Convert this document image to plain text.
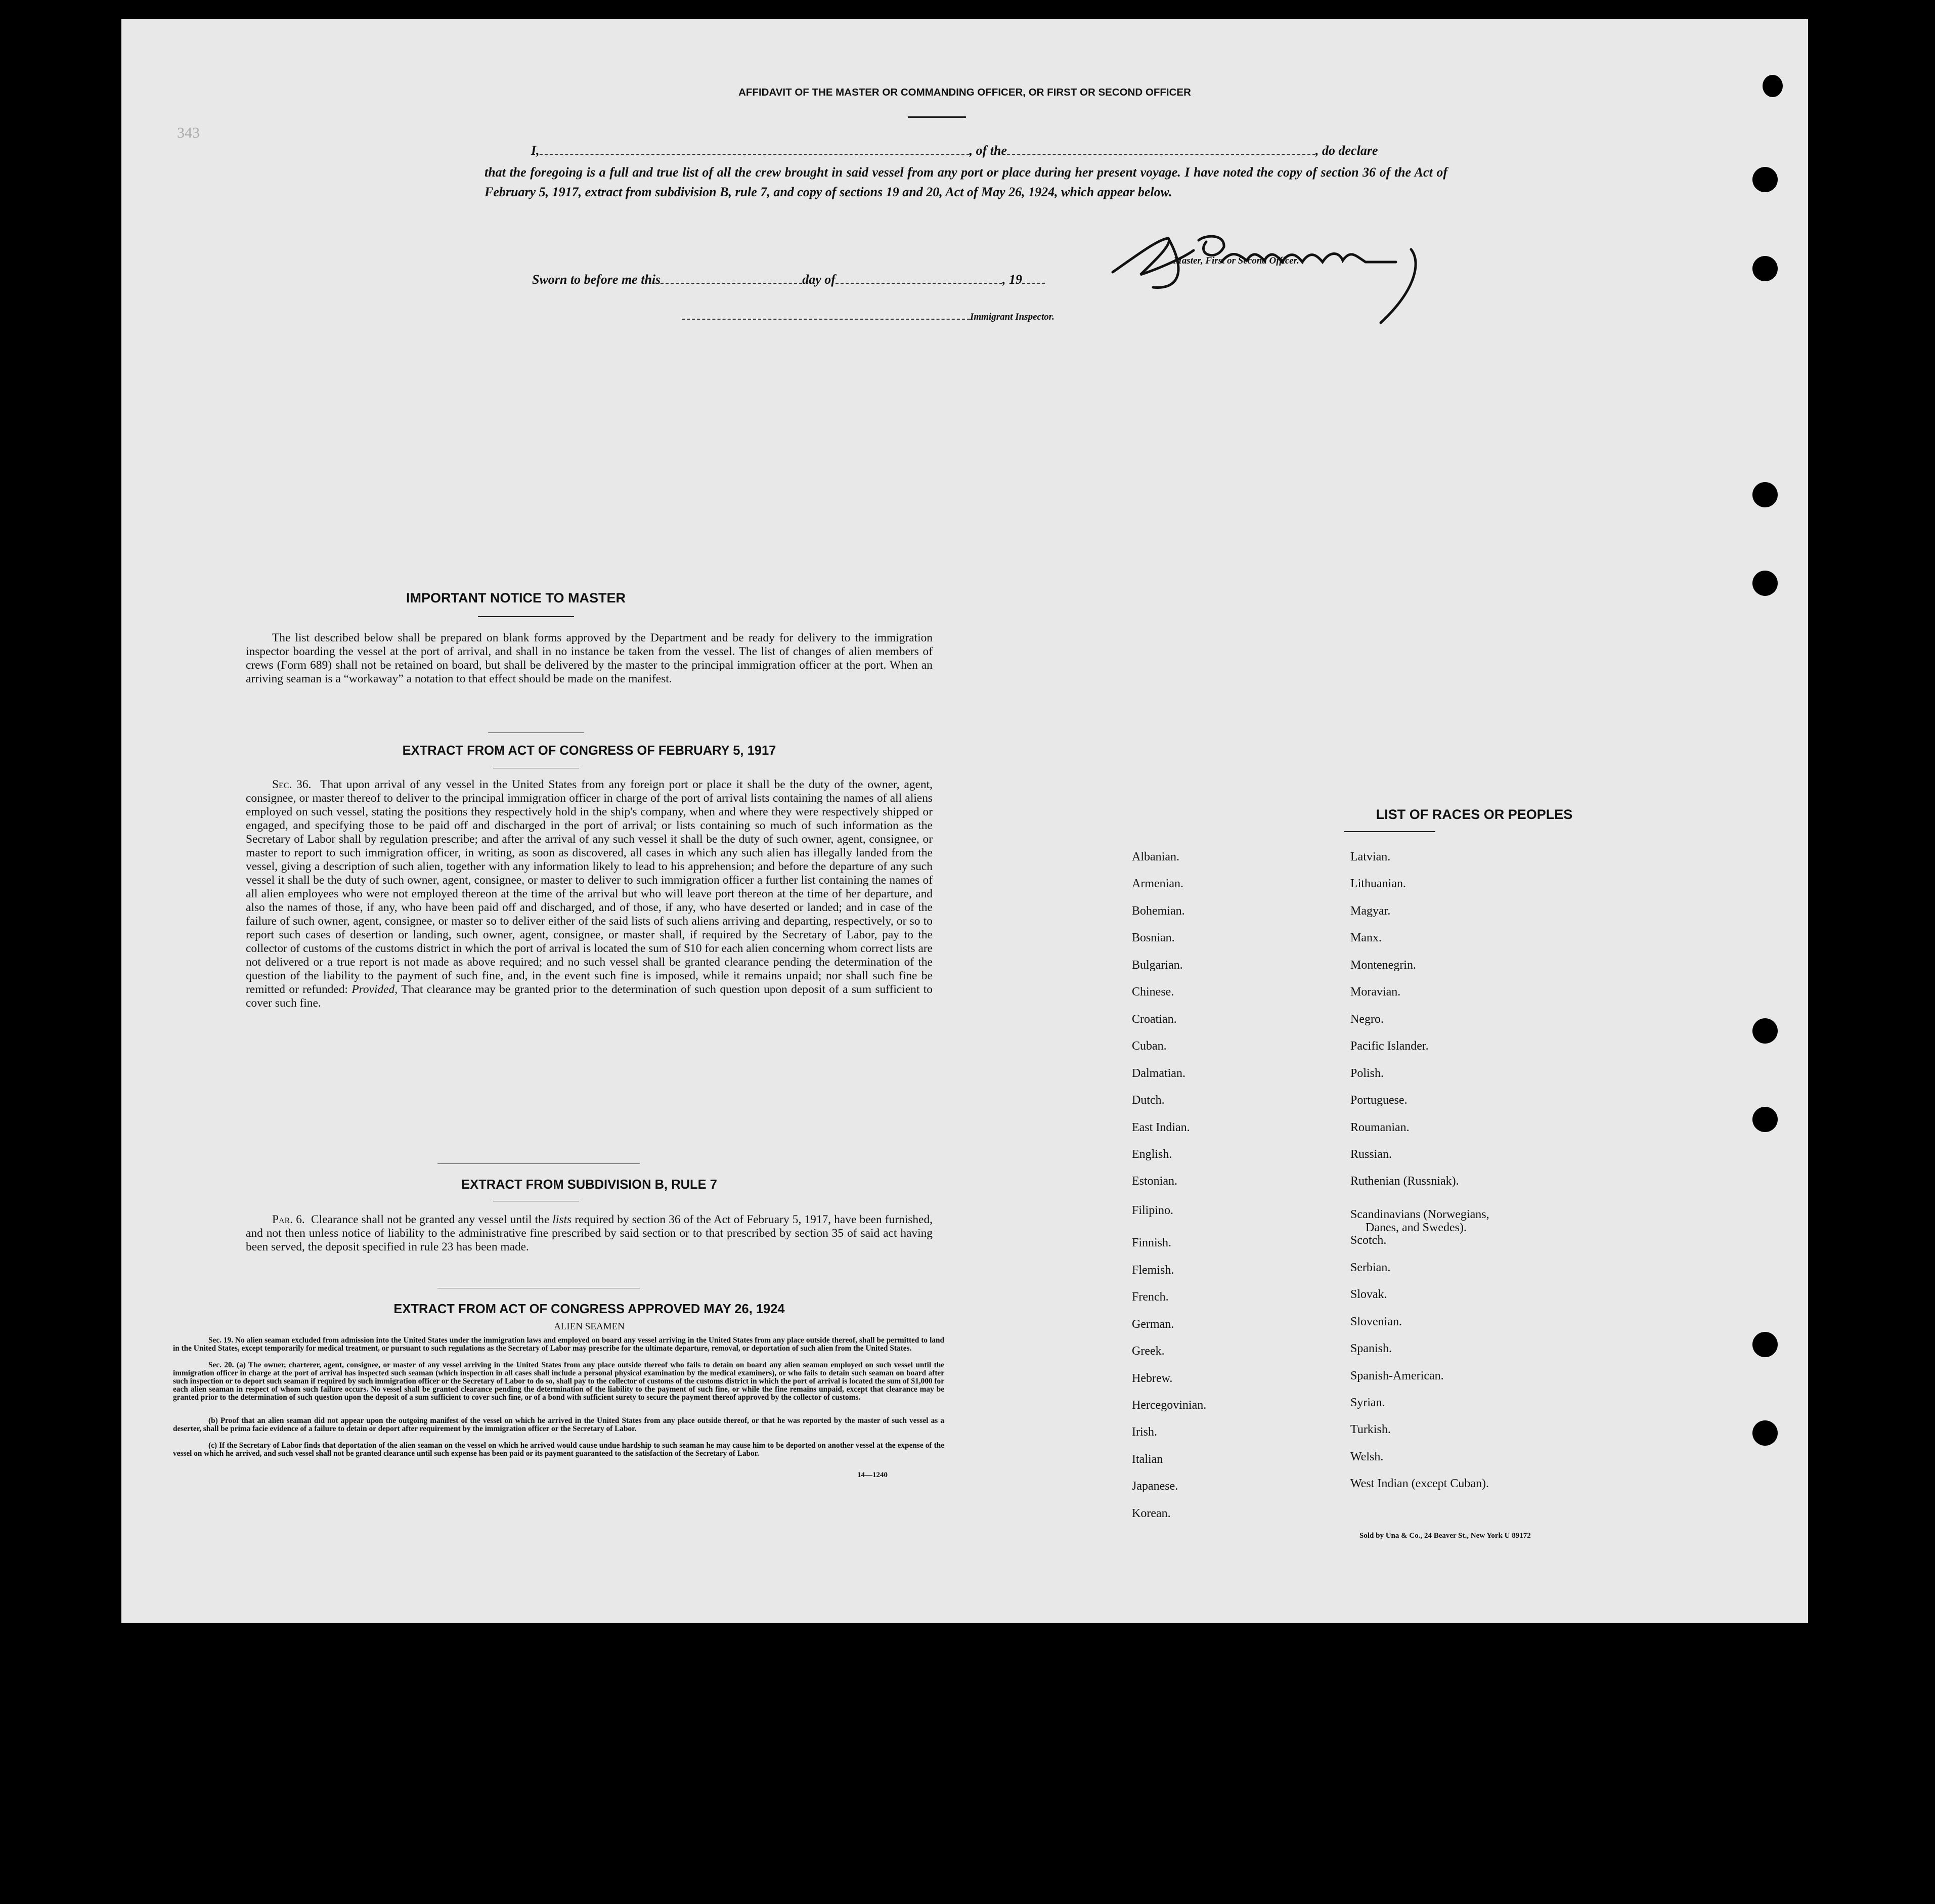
343
AFFIDAVIT OF THE MASTER OR COMMANDING OFFICER, OR FIRST OR SECOND OFFICER
I,	, of the	, do declare
that the foregoing is a full and true list of all the crew brought in said vessel from any port or place during her present voyage. I have noted the copy of section 36 of the Act of February 5, 1917, extract from subdivision B, rule 7, and copy of sections 19 and 20, Act of May 26, 1924, which appear below.
Master, First or Second Officer.
Sworn to before me this	day of	, 19
Immigrant Inspector.
IMPORTANT NOTICE TO MASTER
The list described below shall be prepared on blank forms approved by the Department and be ready for delivery to the immigration inspector boarding the vessel at the port of arrival, and shall in no instance be taken from the vessel. The list of changes of alien members of crews (Form 689) shall not be retained on board, but shall be delivered by the master to the principal immigration officer at the port. When an arriving seaman is a “workaway” a notation to that effect should be made on the manifest.
EXTRACT FROM ACT OF CONGRESS OF FEBRUARY 5, 1917
Sec. 36. That upon arrival of any vessel in the United States from any foreign port or place it shall be the duty of the owner, agent, consignee, or master thereof to deliver to the principal immigration officer in charge of the port of arrival lists containing the names of all aliens employed on such vessel, stating the positions they respectively hold in the ship's company, when and where they were respectively shipped or engaged, and specifying those to be paid off and discharged in the port of arrival; or lists containing so much of such information as the Secretary of Labor shall by regulation prescribe; and after the arrival of any such vessel it shall be the duty of such owner, agent, consignee, or master to report to such immigration officer, in writing, as soon as discovered, all cases in which any such alien has illegally landed from the vessel, giving a description of such alien, together with any information likely to lead to his apprehension; and before the departure of any such vessel it shall be the duty of such owner, agent, consignee, or master to deliver to such immigration officer a further list containing the names of all alien employees who were not employed thereon at the time of the arrival but who will leave port thereon at the time of her departure, and also the names of those, if any, who have been paid off and discharged, and of those, if any, who have deserted or landed; and in case of the failure of such owner, agent, consignee, or master so to deliver either of the said lists of such aliens arriving and departing, respectively, or so to report such cases of desertion or landing, such owner, agent, consignee, or master shall, if required by the Secretary of Labor, pay to the collector of customs of the customs district in which the port of arrival is located the sum of $10 for each alien concerning whom correct lists are not delivered or a true report is not made as above required; and no such vessel shall be granted clearance pending the determination of the question of the liability to the payment of such fine, and, in the event such fine is imposed, while it remains unpaid; nor shall such fine be remitted or refunded: Provided, That clearance may be granted prior to the determination of such question upon deposit of a sum sufficient to cover such fine.
EXTRACT FROM SUBDIVISION B, RULE 7
Par. 6. Clearance shall not be granted any vessel until the lists required by section 36 of the Act of February 5, 1917, have been furnished, and not then unless notice of liability to the administrative fine prescribed by said section or to that prescribed by section 35 of said act having been served, the deposit specified in rule 23 has been made.
EXTRACT FROM ACT OF CONGRESS APPROVED MAY 26, 1924
ALIEN SEAMEN
Sec. 19. No alien seaman excluded from admission into the United States under the immigration laws and employed on board any vessel arriving in the United States from any place outside thereof, shall be permitted to land in the United States, except temporarily for medical treatment, or pursuant to such regulations as the Secretary of Labor may prescribe for the ultimate departure, removal, or deportation of such alien from the United States.
Sec. 20. (a) The owner, charterer, agent, consignee, or master of any vessel arriving in the United States from any place outside thereof who fails to detain on board any alien seaman employed on such vessel until the immigration officer in charge at the port of arrival has inspected such seaman (which inspection in all cases shall include a personal physical examination by the medical examiners), or who fails to detain such seaman on board after such inspection or to deport such seaman if required by such immigration officer or the Secretary of Labor to do so, shall pay to the collector of customs of the customs district in which the port of arrival is located the sum of $1,000 for each alien seaman in respect of whom such failure occurs. No vessel shall be granted clearance pending the determination of the liability to the payment of such fine, or while the fine remains unpaid, except that clearance may be granted prior to the determination of such question upon the deposit of a sum sufficient to cover such fine, or of a bond with sufficient surety to secure the payment thereof approved by the collector of customs.
(b) Proof that an alien seaman did not appear upon the outgoing manifest of the vessel on which he arrived in the United States from any place outside thereof, or that he was reported by the master of such vessel as a deserter, shall be prima facie evidence of a failure to detain or deport after requirement by the immigration officer or the Secretary of Labor.
(c) If the Secretary of Labor finds that deportation of the alien seaman on the vessel on which he arrived would cause undue hardship to such seaman he may cause him to be deported on another vessel at the expense of the vessel on which he arrived, and such vessel shall not be granted clearance until such expense has been paid or its payment guaranteed to the satisfaction of the Secretary of Labor.
14—1240
LIST OF RACES OR PEOPLES
Sold by Una & Co., 24 Beaver St., New York U 89172
Albanian.
Armenian.
Bohemian.
Bosnian.
Bulgarian.
Chinese.
Croatian.
Cuban.
Dalmatian.
Dutch.
East Indian.
English.
Estonian.
Filipino.
Finnish.
Flemish.
French.
German.
Greek.
Hebrew.
Hercegovinian.
Irish.
Italian
Japanese.
Korean.
Latvian.
Lithuanian.
Magyar.
Manx.
Montenegrin.
Moravian.
Negro.
Pacific Islander.
Polish.
Portuguese.
Roumanian.
Russian.
Ruthenian (Russniak).
Scandinavians (Norwegians,
Danes, and Swedes).
Scotch.
Serbian.
Slovak.
Slovenian.
Spanish.
Spanish-American.
Syrian.
Turkish.
Welsh.
West Indian (except Cuban).
